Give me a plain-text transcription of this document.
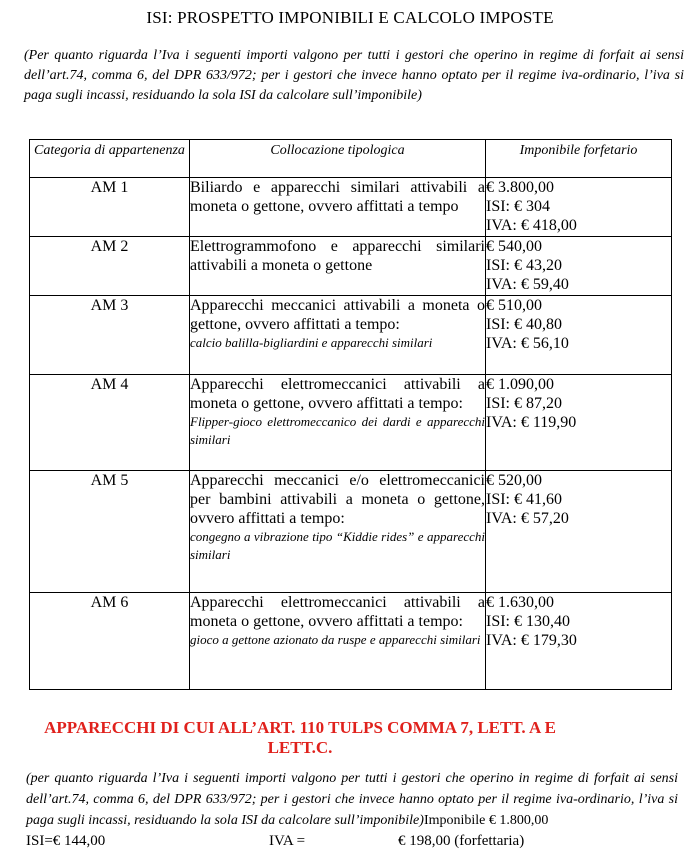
ISI: PROSPETTO IMPONIBILI E CALCOLO IMPOSTE
(Per quanto riguarda l’Iva i seguenti importi valgono per tutti i gestori che operino in regime di forfait ai sensi dell’art.74, comma 6, del DPR 633/972; per i gestori che invece hanno optato per il regime iva-ordinario, l’iva si paga sugli incassi, residuando la sola ISI da calcolare sull’imponibile)
Categoria di appartenenza	Collocazione tipologica	Imponibile forfetario
AM 1	Biliardo e apparecchi similari attivabili a moneta o gettone, ovvero affittati a tempo	€ 3.800,00
ISI: € 304
IVA: € 418,00

AM 2	Elettrogrammofono e apparecchi similari attivabili a moneta o gettone	€ 540,00
ISI: € 43,20
IVA: € 59,40

AM 3	Apparecchi meccanici attivabili a moneta o gettone, ovvero affittati a tempo:
calcio balilla-bigliardini e apparecchi similari	€ 510,00
ISI: € 40,80
IVA: € 56,10

AM 4	Apparecchi elettromeccanici attivabili a moneta o gettone, ovvero affittati a tempo:
Flipper-gioco elettromeccanico dei dardi e apparecchi similari	€ 1.090,00
ISI: € 87,20
IVA: € 119,90

AM 5	Apparecchi meccanici e/o elettromeccanici per bambini attivabili a moneta o gettone, ovvero affittati a tempo:
congegno a vibrazione tipo “Kiddie rides” e apparecchi similari	€ 520,00
ISI: € 41,60
IVA: € 57,20

AM 6	Apparecchi elettromeccanici attivabili a moneta o gettone, ovvero affittati a tempo:
gioco a gettone azionato da ruspe e apparecchi similari	€ 1.630,00
ISI: € 130,40
IVA: € 179,30
APPARECCHI DI CUI ALL’ART. 110 TULPS COMMA 7, LETT. A E
LETT.C.
(per quanto riguarda l’Iva i seguenti importi valgono per tutti i gestori che operino in regime di forfait ai sensi dell’art.74, comma 6, del DPR 633/972; per i gestori che invece hanno optato per il regime iva-ordinario, l’iva si paga sugli incassi, residuando la sola ISI da calcolare sull’imponibile)Imponibile € 1.800,00
ISI=€ 144,00	IVA =	€ 198,00 (forfettaria)
